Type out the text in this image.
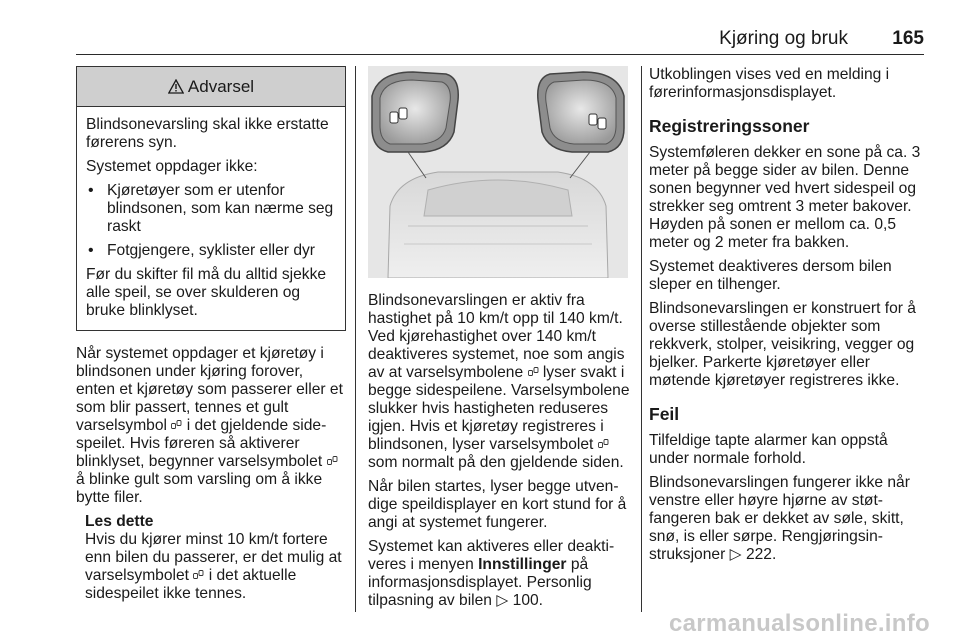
Kjøring og bruk 165
Advarsel

Blindsonevarsling skal ikke erstatte førerens syn.

Systemet oppdager ikke:

• Kjøretøyer som er utenfor blindsonen, som kan nærme seg raskt
• Fotgjengere, syklister eller dyr

Før du skifter fil må du alltid sjekke alle speil, se over skulderen og bruke blinklyset.

Når systemet oppdager et kjøretøy i blindsonen under kjøring forover, enten et kjøretøy som passerer eller et som blir passert, tennes et gult varselsymbol i det gjeldende sidespeilet. Hvis føreren så aktiverer blinklyset, begynner varselsymbolet  å blinke gult som varsling om å ikke bytte filer.

Les dette

Hvis du kjører minst 10 km/t fortere enn bilen du passerer, er det mulig at varselsymbolet i det aktuelle sidespeilet ikke tennes.

Blindsonevarslingen er aktiv fra hastighet på 10 km/t opp til 140 km/t. Ved kjørehastighet over 140 km/t deaktiveres systemet, noe som angis av at varselsymbolene lyser svakt i begge sidespeilene. Varselsymbolene slukker hvis hastigheten reduseres igjen. Hvis et kjøretøy registreres i blindsonen, lyser varselsymbolet  som normalt på den gjeldende siden.

Når bilen startes, lyser begge utvendige speildisplayer en kort stund for å angi at systemet fungerer.

Systemet kan aktiveres eller deaktiveres i menyen Innstillinger på informasjonsdisplayet. Personlig tilpasning av bilen ▷ 100.

Utkoblingen vises ved en melding i førerinformasjonsdisplayet.

Registreringssoner

Systemføleren dekker en sone på ca. 3 meter på begge sider av bilen. Denne sonen begynner ved hvert sidespeil og strekker seg omtrent 3 meter bakover. Høyden på sonen er mellom ca. 0,5 meter og 2 meter fra bakken.

Systemet deaktiveres dersom bilen sleper en tilhenger.

Blindsonevarslingen er konstruert for å overse stillestående objekter som rekkverk, stolper, veisikring, vegger og bjelker. Parkerte kjøretøyer eller møtende kjøretøyer registreres ikke.

Feil

Tilfeldige tapte alarmer kan oppstå under normale forhold.

Blindsonevarslingen fungerer ikke når venstre eller høyre hjørne av støtfangeren bak er dekket av søle, skitt, snø, is eller sørpe. Rengjøringsinstruksjoner ▷ 222.

carmanualsonline.info
